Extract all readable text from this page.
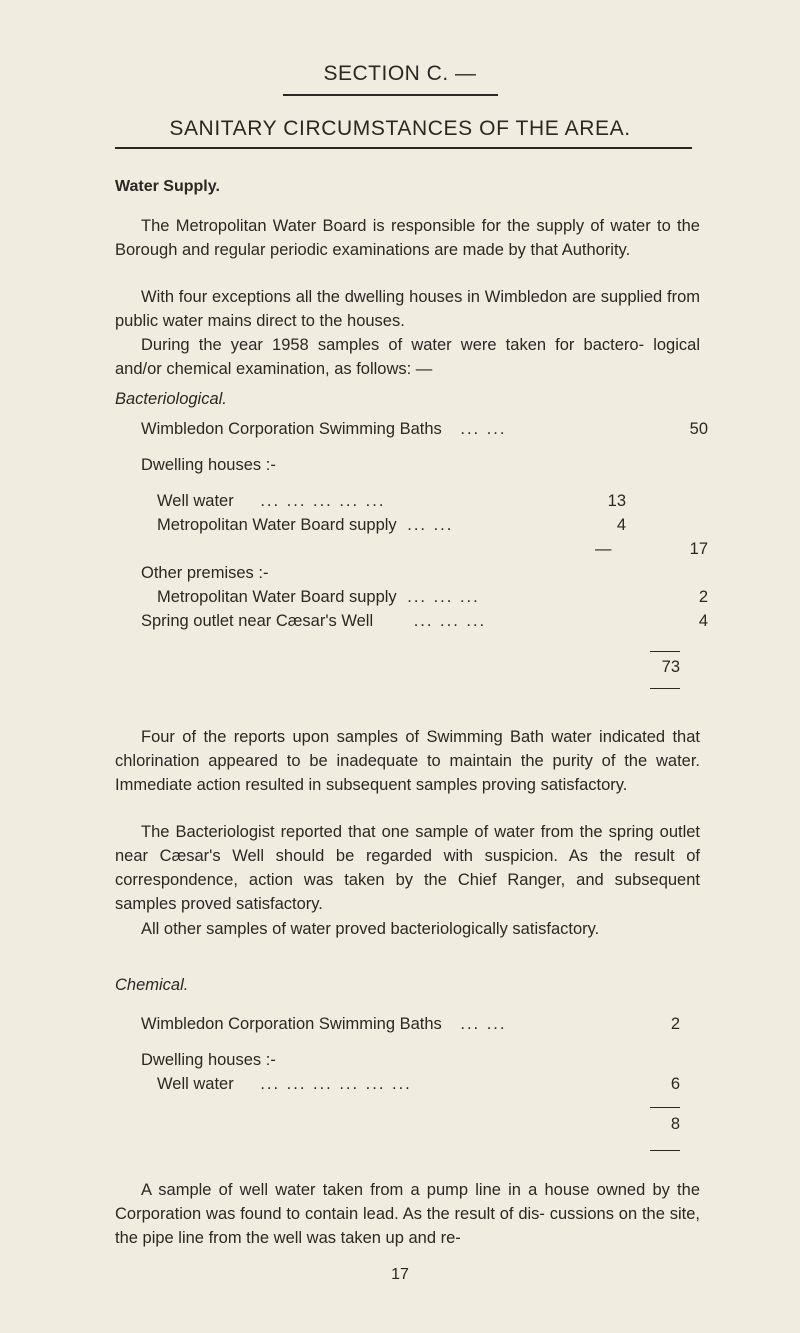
SECTION C. —
SANITARY CIRCUMSTANCES OF THE AREA.
Water Supply.
The Metropolitan Water Board is responsible for the supply of water to the Borough and regular periodic examinations are made by that Authority.
With four exceptions all the dwelling houses in Wimbledon are supplied from public water mains direct to the houses.
During the year 1958 samples of water were taken for bactero- logical and/or chemical examination, as follows: —
Bacteriological.
Wimbledon Corporation Swimming Baths ... ...	50
Dwelling houses :-
Well water ... ... ... ... ...	13
Metropolitan Water Board supply ... ...	4
—	17
Other premises :-
Metropolitan Water Board supply ... ... ...	2
Spring outlet near Cæsar's Well ... ... ...	4
73
Four of the reports upon samples of Swimming Bath water indicated that chlorination appeared to be inadequate to maintain the purity of the water. Immediate action resulted in subsequent samples proving satisfactory.
The Bacteriologist reported that one sample of water from the spring outlet near Cæsar's Well should be regarded with suspicion. As the result of correspondence, action was taken by the Chief Ranger, and subsequent samples proved satisfactory.
All other samples of water proved bacteriologically satisfactory.
Chemical.
Wimbledon Corporation Swimming Baths ... ...	2
Dwelling houses :-
Well water ... ... ... ... ... ...	6
8
A sample of well water taken from a pump line in a house owned by the Corporation was found to contain lead. As the result of dis- cussions on the site, the pipe line from the well was taken up and re-
17
